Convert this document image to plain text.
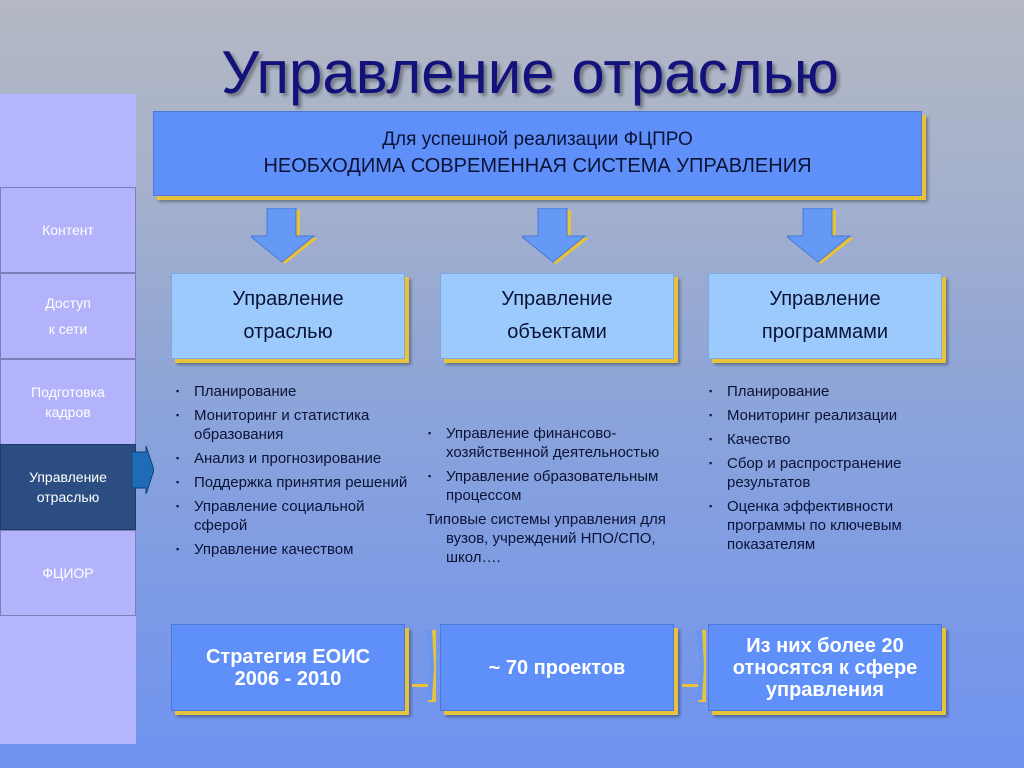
Управление отраслью
Контент
Доступ
к сети
Подготовка
кадров
Управление
отраслью
ФЦИОР
Для успешной реализации ФЦПРО
НЕОБХОДИМА СОВРЕМЕННАЯ СИСТЕМА УПРАВЛЕНИЯ
Управление
отраслью
Управление
объектами
Управление
программами
▪ Планирование
▪ Мониторинг и статистика образования
▪ Анализ и прогнозирование
▪ Поддержка принятия решений
▪ Управление социальной сферой
▪ Управление качеством
▪ Управление финансово-хозяйственной деятельностью
▪ Управление образовательным процессом
Типовые системы управления для вузов, учреждений НПО/СПО, школ….
▪ Планирование
▪ Мониторинг реализации
▪ Качество
▪ Сбор и распространение результатов
▪ Оценка эффективности программы по ключевым показателям
Стратегия ЕОИС
2006 - 2010	~ 70 проектов
Из них более 20
относятся к сфере
управления
